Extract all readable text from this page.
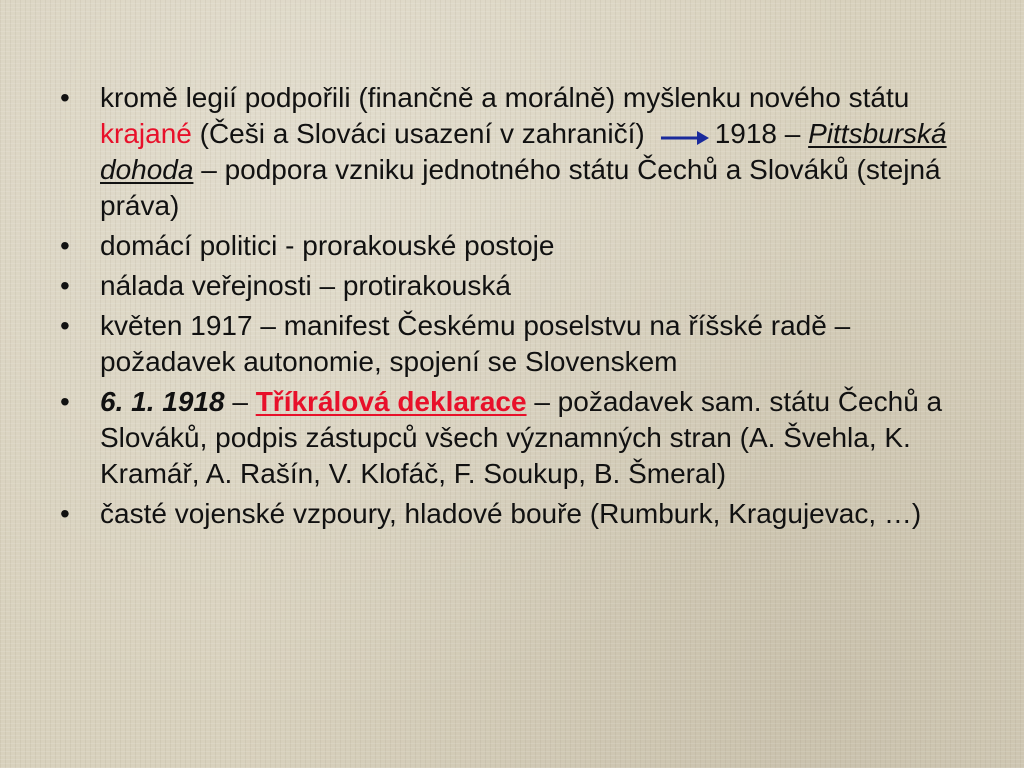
• kromě legií podpořili (finančně a morálně) myšlenku nového státu krajané (Češi a Slováci usazení v zahraničí)	1918 – Pittsburská dohoda – podpora vzniku jednotného státu Čechů a Slováků (stejná práva)
• domácí politici - prorakouské postoje
• nálada veřejnosti – protirakouská
• květen 1917 – manifest Českému poselstvu na říšské radě – požadavek autonomie, spojení se Slovenskem
• 6. 1. 1918 – Tříkrálová deklarace – požadavek sam. státu Čechů a Slováků, podpis zástupců všech významných stran (A. Švehla, K. Kramář, A. Rašín, V. Klofáč, F. Soukup, B. Šmeral)
• časté vojenské vzpoury, hladové bouře (Rumburk, Kragujevac, …)
